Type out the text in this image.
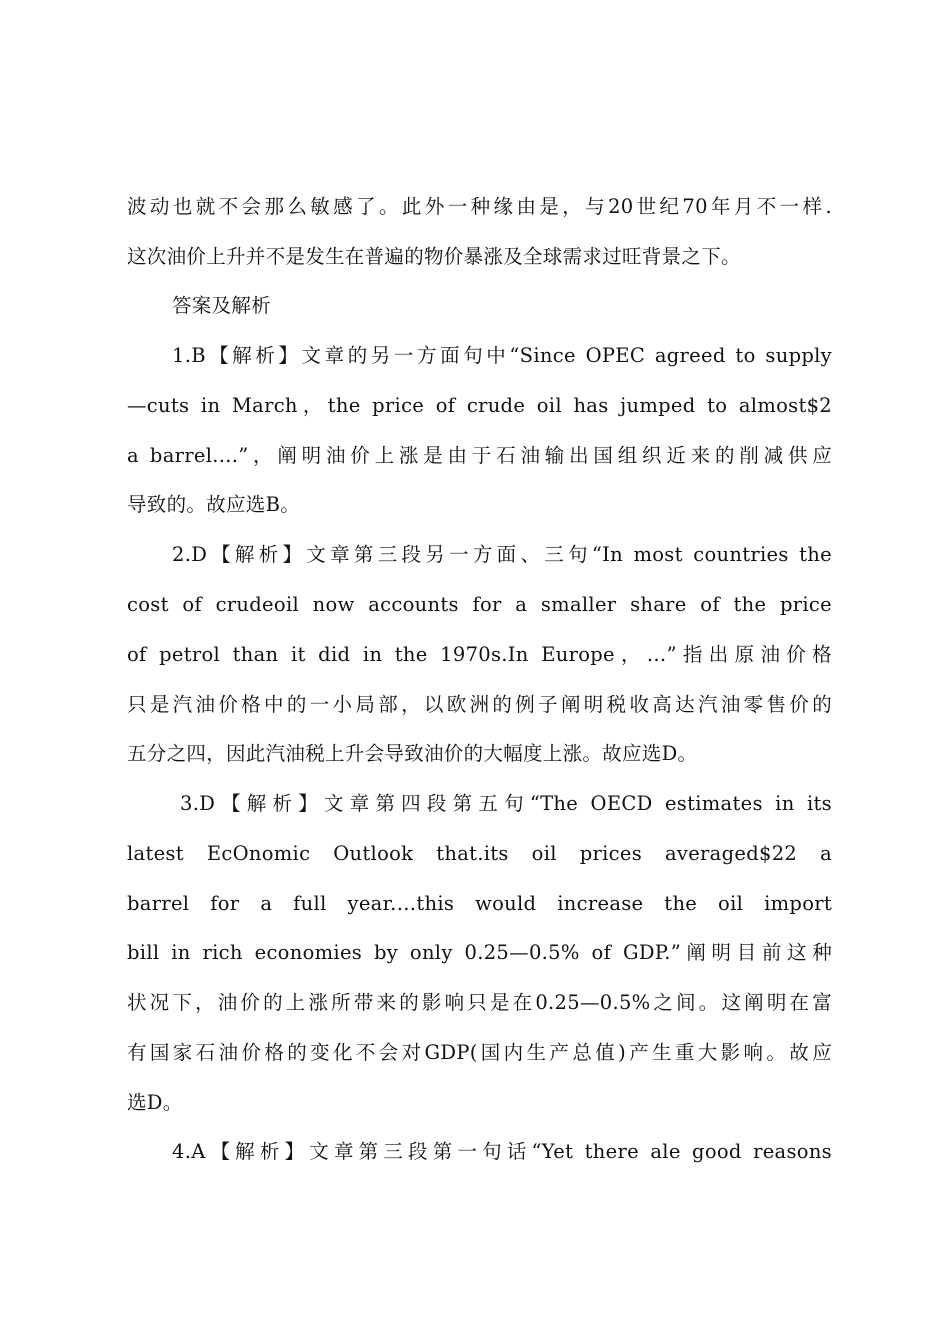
波动也就不会那么敏感了。此外一种缘由是，与20世纪70年月不一样.
这次油价上升并不是发生在普遍的物价暴涨及全球需求过旺背景之下。
答案及解析
1.B【解析】文章的另一方面句中“Since OPEC agreed to supply
—cuts in March，the price of crude oil has jumped to almost$2
a barrel....”，阐明油价上涨是由于石油输出国组织近来的削减供应
导致的。故应选B。
2.D【解析】文章第三段另一方面、三句“In most countries the
cost of crudeoil now accounts for a smaller share of the price
of petrol than it did in the 1970s.In Europe，…”指出原油价格
只是汽油价格中的一小局部，以欧洲的例子阐明税收高达汽油零售价的
五分之四，因此汽油税上升会导致油价的大幅度上涨。故应选D。
3.D【解析】文章第四段第五句“The OECD estimates in its
latest EcOnomic Outlook that.its oil prices averaged$22 a
barrel for a full year.…this would increase the oil import
bill in rich economies by only 0.25—0.5% of GDP.”阐明目前这种
状况下，油价的上涨所带来的影响只是在0.25—0.5%之间。这阐明在富
有国家石油价格的变化不会对GDP(国内生产总值)产生重大影响。故应
选D。
4.A【解析】文章第三段第一句话“Yet there ale good reasons
